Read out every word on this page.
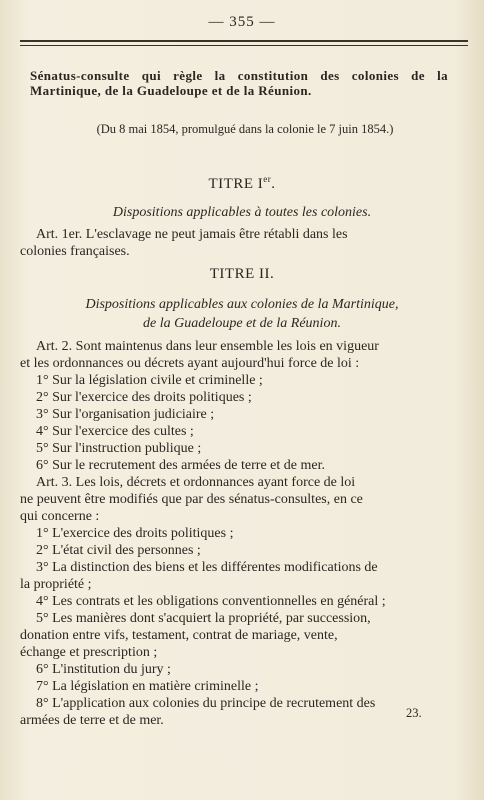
— 355 —
Sénatus-consulte qui règle la constitution des colonies de la Martinique, de la Guadeloupe et de la Réunion.
(Du 8 mai 1854, promulgué dans la colonie le 7 juin 1854.)
TITRE Ier.
Dispositions applicables à toutes les colonies.
Art. 1er. L'esclavage ne peut jamais être rétabli dans les
colonies françaises.
TITRE II.
Dispositions applicables aux colonies de la Martinique,
de la Guadeloupe et de la Réunion.
Art. 2. Sont maintenus dans leur ensemble les lois en vigueur
et les ordonnances ou décrets ayant aujourd'hui force de loi :
1° Sur la législation civile et criminelle ;
2° Sur l'exercice des droits politiques ;
3° Sur l'organisation judiciaire ;
4° Sur l'exercice des cultes ;
5° Sur l'instruction publique ;
6° Sur le recrutement des armées de terre et de mer.
Art. 3. Les lois, décrets et ordonnances ayant force de loi
ne peuvent être modifiés que par des sénatus-consultes, en ce
qui concerne :
1° L'exercice des droits politiques ;
2° L'état civil des personnes ;
3° La distinction des biens et les différentes modifications de
la propriété ;
4° Les contrats et les obligations conventionnelles en général ;
5° Les manières dont s'acquiert la propriété, par succession,
donation entre vifs, testament, contrat de mariage, vente,
échange et prescription ;
6° L'institution du jury ;
7° La législation en matière criminelle ;
8° L'application aux colonies du principe de recrutement des
armées de terre et de mer.	23.
